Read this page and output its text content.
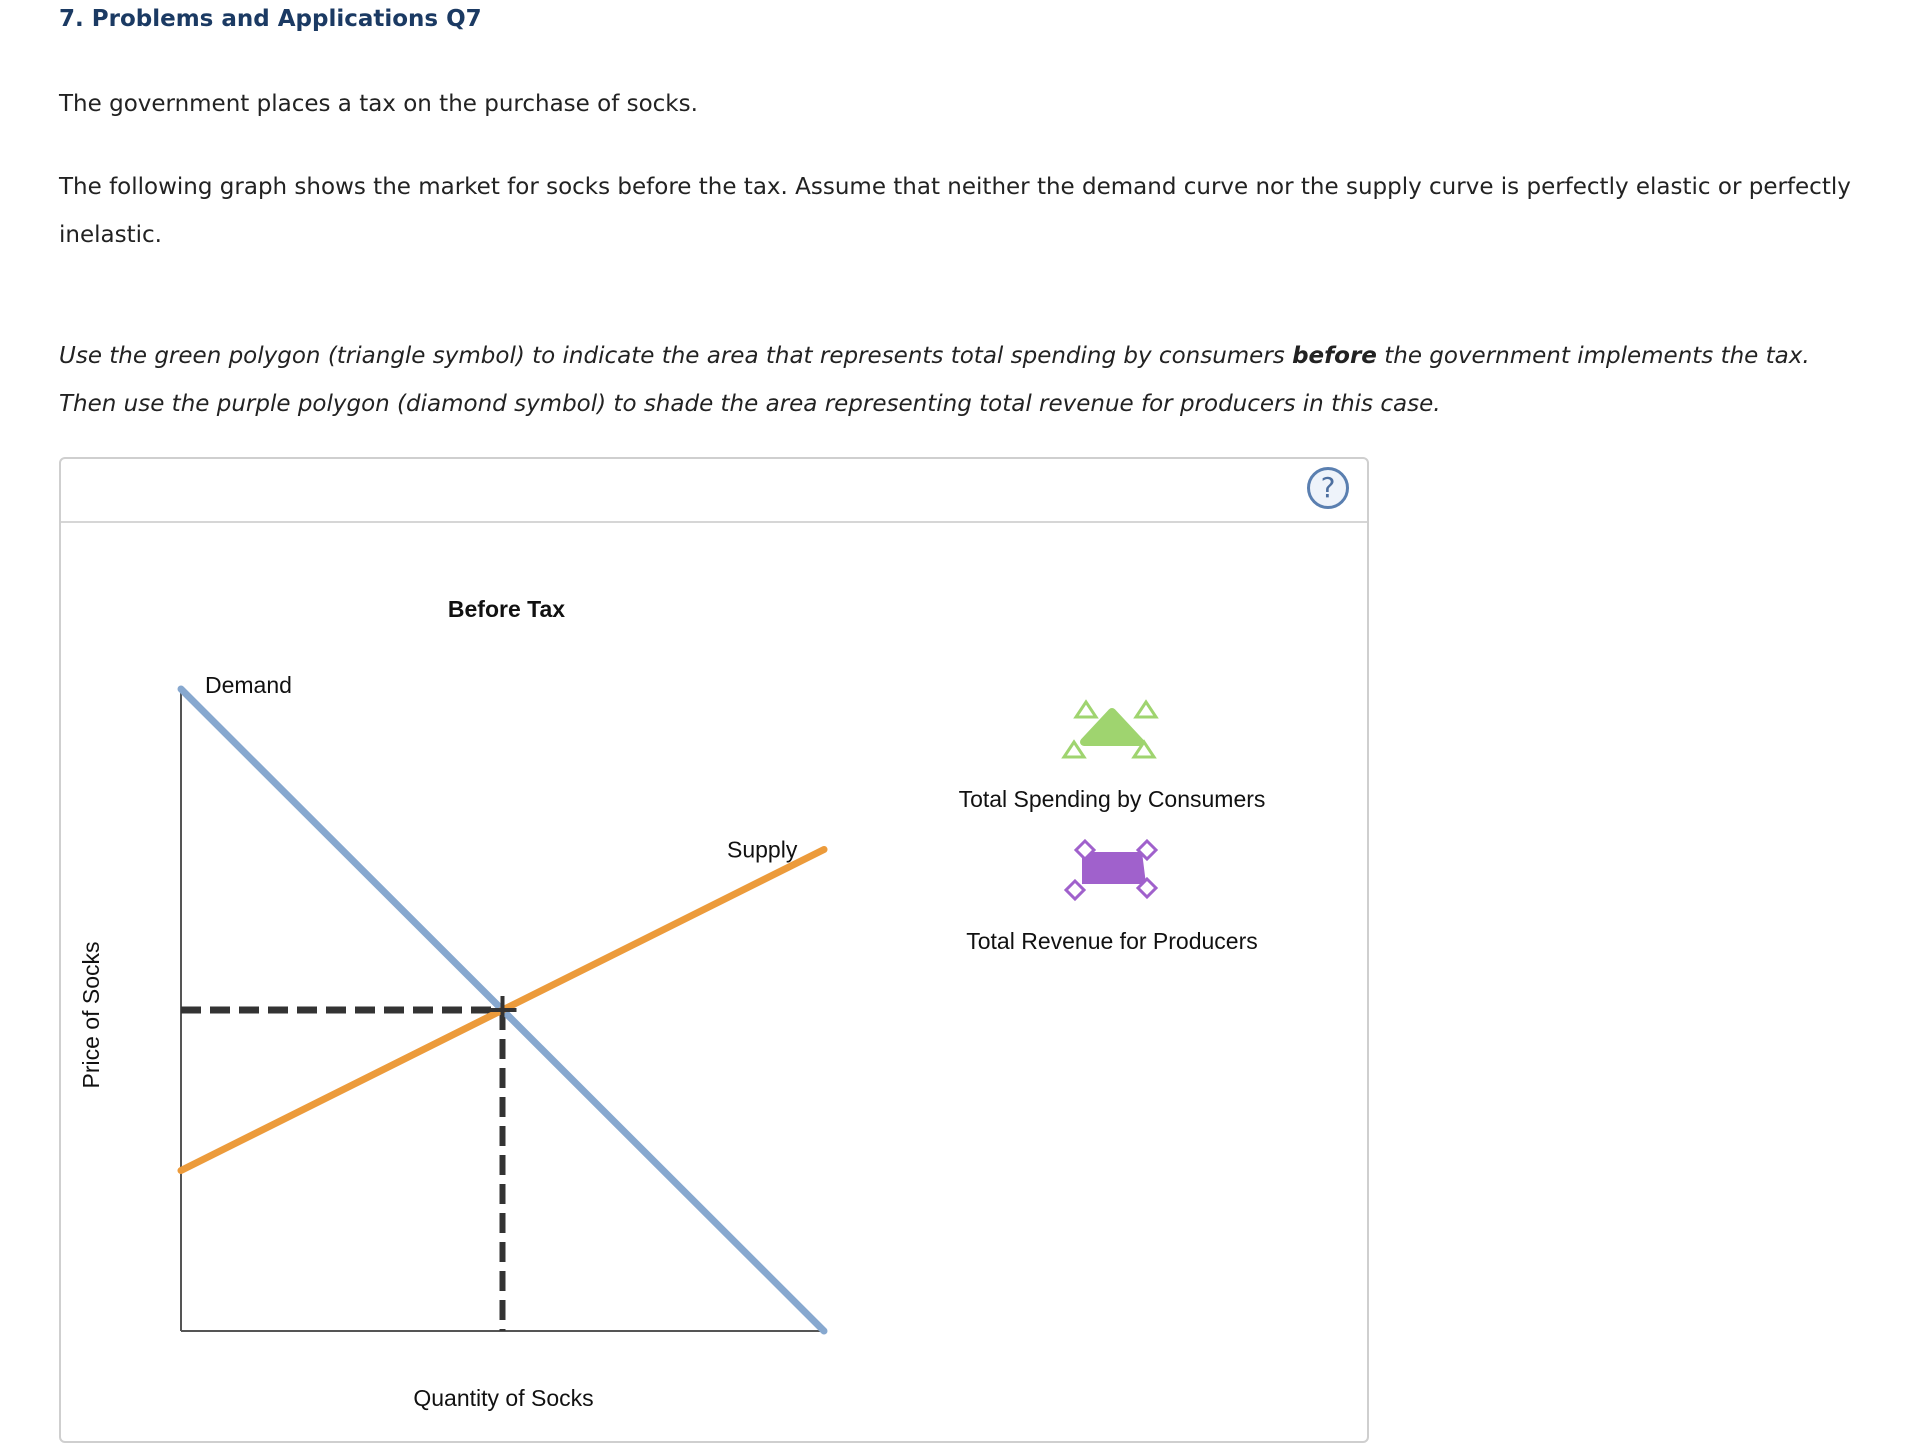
7. Problems and Applications Q7

The government places a tax on the purchase of socks.

The following graph shows the market for socks before the tax. Assume that neither the demand curve nor the supply curve is perfectly elastic or perfectly inelastic.

Use the green polygon (triangle symbol) to indicate the area that represents total spending by consumers before the government implements the tax.
Then use the purple polygon (diamond symbol) to shade the area representing total revenue for producers in this case.

?
Before Tax
Price of Socks
Quantity of Socks
Demand
Supply
Total Spending by Consumers
Total Revenue for Producers
